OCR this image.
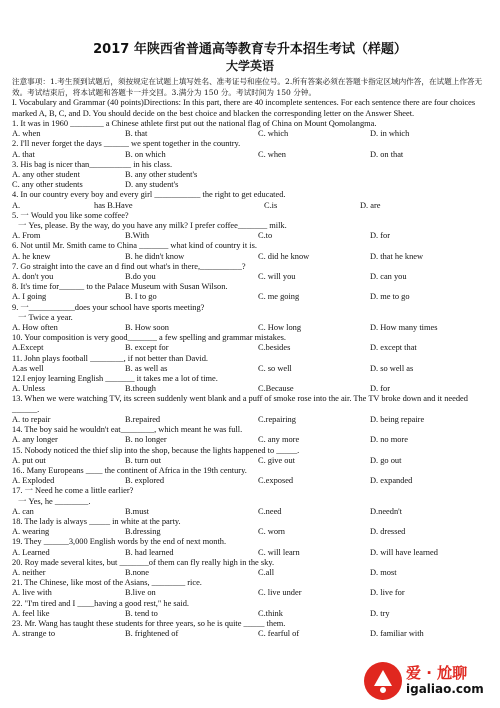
2017 年陕西省普通高等教育专升本招生考试（样题）
大学英语
注意事项：1.考生预到试题后，须按规定在试题上填写姓名、准考证号和座位号。2.所有答案必须在答题卡指定区域内作答，在试题上作答无效。考试结束后，将本试题和答题卡一并交回。3.满分为 150 分。考试时间为 150 分钟。
I. Vocabulary and Grammar (40 points)Directions: In this part, there are 40 incomplete sentences. For each sentence there are four choices marked A, B, C, and D. You should decide on the best choice and blacken the corresponding letter on the Answer Sheet.
1. It was in 1960 ________ a Chinese athlete first put out the national flag of China on Mount Qomolangma.
A. when	B. that	C. which	D. in which
2. I'll never forget the days ______ we spent together in the country.
A. that	B. on which	C. when	D. on that
3. His bag is nicer than__________ in his class.
A. any other student	B. any other student's
C. any other students	D. any student's
4. In our country every boy and every girl ___________ the right to get educated.
A.	has B.Have	C.is	D. are
5. 一 Would you like some coffee?
一 Yes, please. By the way, do you have any milk? I prefer coffee_______ milk.
A. From	B.With	C.to	D. for
6. Not until Mr. Smith came to China _______ what kind of country it is.
A. he knew	B. he didn't know	C. did he know	D. that he knew
7. Go straight into the cave an d find out what's in there,__________?
A. don't you	B.do you	C. will you	D. can you
8. It's time for______ to the Palace Museum with Susan Wilson.
A. I going	B. I to go	C. me going	D. me to go
9. 一___________does your school have sports meeting?
一 Twice a year.
A. How often	B. How soon	C. How long	D. How many times
10. Your composition is very good_______ a few spelling and grammar mistakes.
A.Except	B. except for	C.besides	D. except that
11. John plays football ________, if not better than David.
A.as well	B. as well as	C. so well	D. so well as
12.I enjoy learning English _______ it takes me a lot of time.
A. Unless	B.though	C.Because	D. for
13. When we were watching TV, its screen suddenly went blank and a puff of smoke rose into the air. The TV broke down and it needed ______.
A. to repair	B.repaired	C.repairing	D. being repaire
14. The boy said he wouldn't eat________, which meant he was full.
A. any longer	B. no longer	C. any more	D. no more
15. Nobody noticed the thief slip into the shop, because the lights happened to _____.
A. put out	B. turn out	C. give out	D. go out
16.. Many Europeans ____ the continent of Africa in the 19th century.
A. Exploded	B. explored	C.exposed	D. expanded
17. 一 Need he come a little earlier?
一 Yes, he ________.
A. can	B.must	C.need	D.needn't
18. The lady is always _____ in white at the party.
A. wearing	B.dressing	C. worn	D. dressed
19. They ______3,000 English words by the end of next month.
A. Learned	B. had learned	C. will learn	D. will have learned
20. Roy made several kites, but _______of them can fly really high in the sky.
A. neither	B.none	C.all	D. most
21. The Chinese, like most of the Asians, ________ rice.
A. live with	B.live on	C. live under	D. live for
22. "I'm tired and I ____having a good rest," he said.
A. feel like	B. tend to	C.think	D. try
23. Mr. Wang has taught these students for three years, so he is quite _____ them.
A. strange to	B. frightened of	C. fearful of	D. familiar with
爱 · 尬聊
igaliao.com
